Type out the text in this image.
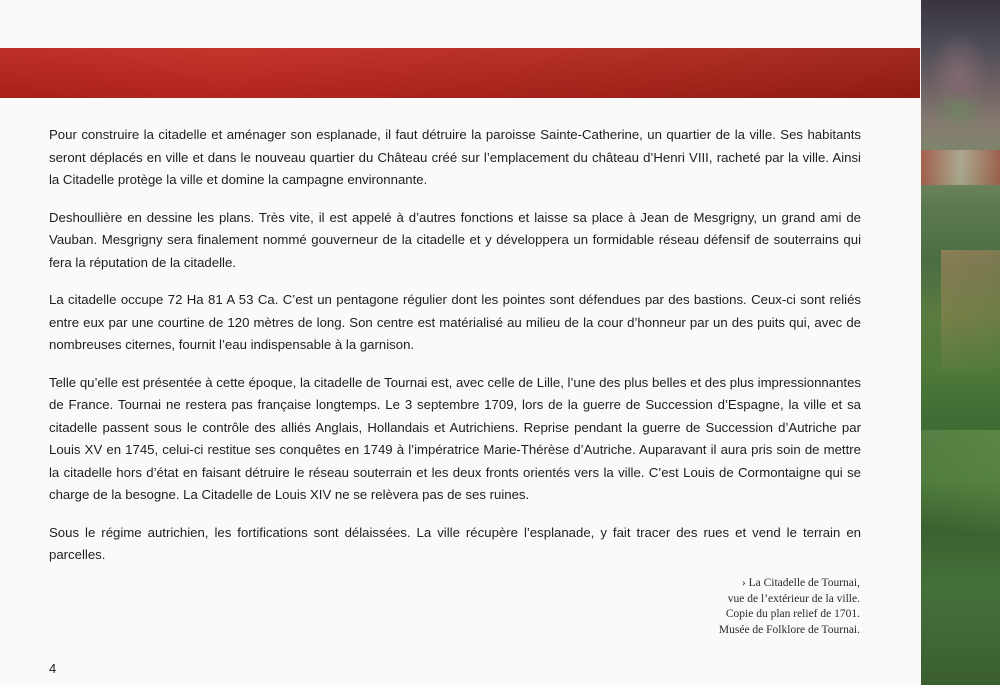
Pour construire la citadelle et aménager son esplanade, il faut détruire la paroisse Sainte-Catherine, un quartier de la ville. Ses habitants seront déplacés en ville et dans le nouveau quartier du Château créé sur l’emplacement du château d’Henri VIII, racheté par la ville. Ainsi la Citadelle protège la ville et domine la campagne environnante.

Deshoullière en dessine les plans. Très vite, il est appelé à d’autres fonctions et laisse sa place à Jean de Mesgrigny, un grand ami de Vauban. Mesgrigny sera finalement nommé gouverneur de la citadelle et y développera un formidable réseau défensif de souterrains qui fera la réputation de la citadelle.

La citadelle occupe 72 Ha 81 A 53 Ca. C’est un pentagone régulier dont les pointes sont défendues par des bastions. Ceux-ci sont reliés entre eux par une courtine de 120 mètres de long. Son centre est matérialisé au milieu de la cour d’honneur par un des puits qui, avec de nombreuses citernes, fournit l’eau indispensable à la garnison.

Telle qu’elle est présentée à cette époque, la citadelle de Tournai est, avec celle de Lille, l’une des plus belles et des plus impressionnantes de France. Tournai ne restera pas française longtemps. Le 3 septembre 1709, lors de la guerre de Succession d’Espagne, la ville et sa citadelle passent sous le contrôle des alliés Anglais, Hollandais et Autrichiens. Reprise pendant la guerre de Succession d’Autriche par Louis XV en 1745, celui-ci restitue ses conquêtes en 1749 à l’impératrice Marie-Thérèse d’Autriche. Auparavant il aura pris soin de mettre la citadelle hors d’état en faisant détruire le réseau souterrain et les deux fronts orientés vers la ville. C’est Louis de Cormontaigne qui se charge de la besogne. La Citadelle de Louis XIV ne se relèvera pas de ses ruines.

Sous le régime autrichien, les fortifications sont délaissées. La ville récupère l’esplanade, y fait tracer des rues et vend le terrain en parcelles.

› La Citadelle de Tournai,
vue de l’extérieur de la ville.
Copie du plan relief de 1701.
Musée de Folklore de Tournai.
4
